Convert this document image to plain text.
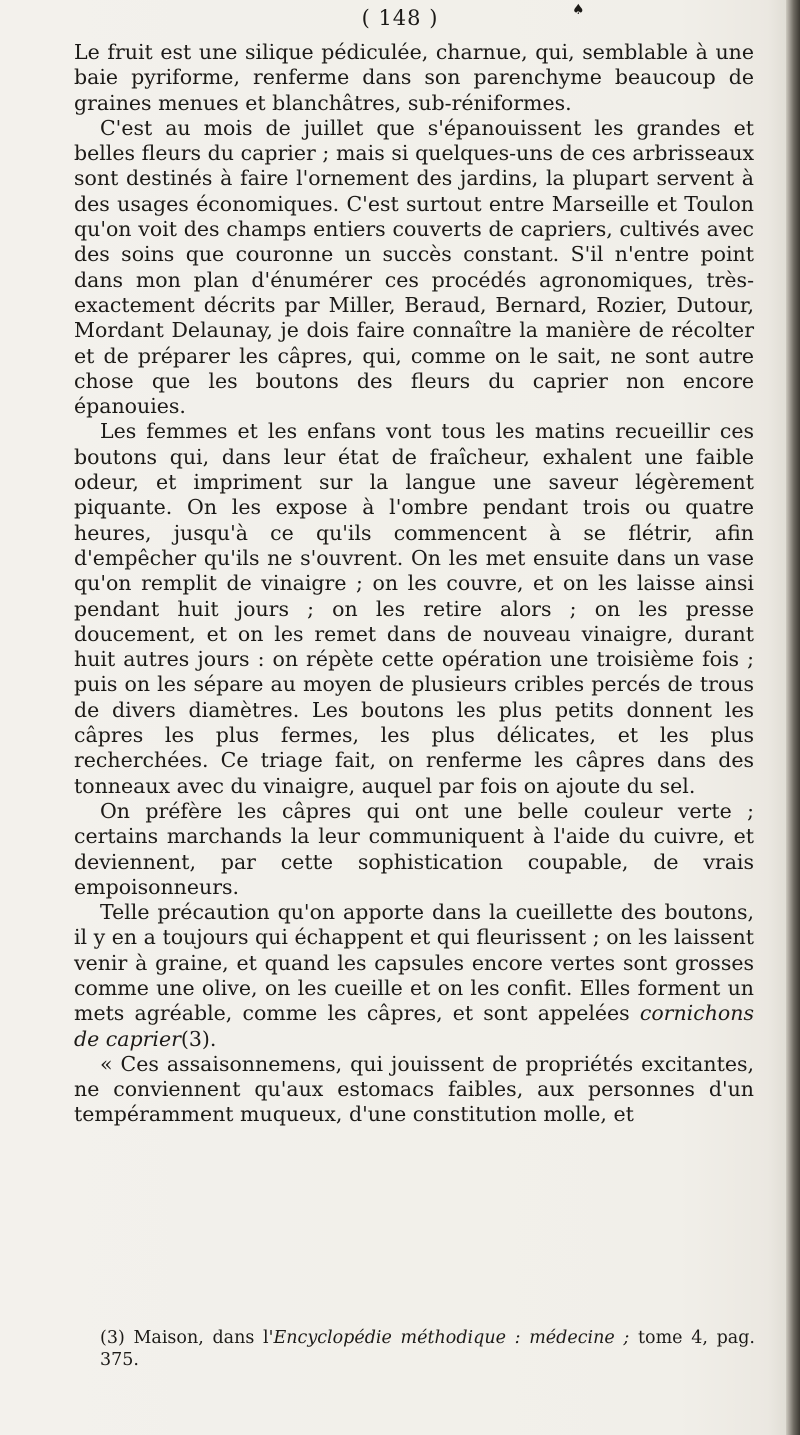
( 148 )	♠

Le fruit est une silique pédiculée, charnue, qui, semblable à une baie pyriforme, renferme dans son parenchyme beaucoup de graines menues et blanchâtres, sub-réniformes.

C'est au mois de juillet que s'épanouissent les grandes et belles fleurs du caprier ; mais si quelques-uns de ces arbrisseaux sont destinés à faire l'ornement des jardins, la plupart servent à des usages économiques. C'est surtout entre Marseille et Toulon qu'on voit des champs entiers couverts de capriers, cultivés avec des soins que couronne un succès constant. S'il n'entre point dans mon plan d'énumérer ces procédés agronomiques, très-exactement décrits par Miller, Beraud, Bernard, Rozier, Dutour, Mordant Delaunay, je dois faire connaître la manière de récolter et de préparer les câpres, qui, comme on le sait, ne sont autre chose que les boutons des fleurs du caprier non encore épanouies.

Les femmes et les enfans vont tous les matins recueillir ces boutons qui, dans leur état de fraîcheur, exhalent une faible odeur, et impriment sur la langue une saveur légèrement piquante. On les expose à l'ombre pendant trois ou quatre heures, jusqu'à ce qu'ils commencent à se flétrir, afin d'empêcher qu'ils ne s'ouvrent. On les met ensuite dans un vase qu'on remplit de vinaigre ; on les couvre, et on les laisse ainsi pendant huit jours ; on les retire alors ; on les presse doucement, et on les remet dans de nouveau vinaigre, durant huit autres jours : on répète cette opération une troisième fois ; puis on les sépare au moyen de plusieurs cribles percés de trous de divers diamètres. Les boutons les plus petits donnent les câpres les plus fermes, les plus délicates, et les plus recherchées. Ce triage fait, on renferme les câpres dans des tonneaux avec du vinaigre, auquel par fois on ajoute du sel.

On préfère les câpres qui ont une belle couleur verte ; certains marchands la leur communiquent à l'aide du cuivre, et deviennent, par cette sophistication coupable, de vrais empoisonneurs.

Telle précaution qu'on apporte dans la cueillette des boutons, il y en a toujours qui échappent et qui fleurissent ; on les laissent venir à graine, et quand les capsules encore vertes sont grosses comme une olive, on les cueille et on les confit. Elles forment un mets agréable, comme les câpres, et sont appelées cornichons de caprier(3).

« Ces assaisonnemens, qui jouissent de propriétés excitantes, ne conviennent qu'aux estomacs faibles, aux personnes d'un tempéramment muqueux, d'une constitution molle, et

(3) Maison, dans l'Encyclopédie méthodique : médecine ; tome 4, pag. 375.
